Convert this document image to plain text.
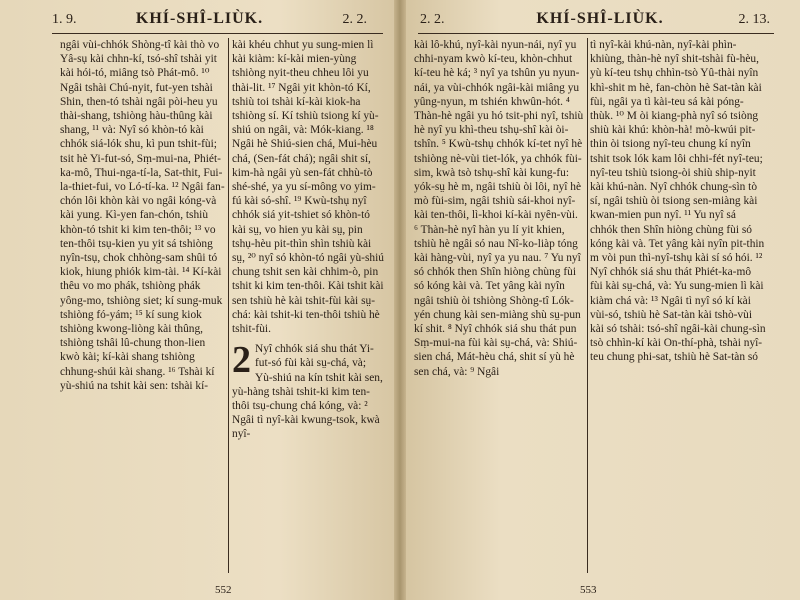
1. 9.	KHÍ-SHÎ-LIÙK.	2. 2.

ngâi vùi-chhók Shòng-tî kài thò vo Yâ-sụ kài chhn-kí, tsó-shî tshài yit kài hói-tó, miâng tsò Phát-mô. ¹⁰ Ngâi tshài Chú-nyit, fut-yen tshài Shin, then-tó tshài ngâi pòi-heu yu thài-shang, tshiòng hàu-thûng kài shang, ¹¹ và: Nyî só khòn-tó kài chhók siá-lók shu, kì pun tshit-fùi; tsit hè Yi-fut-só, Sṃ-mui-na, Phiét-ka-mô, Thui-nga-tí-la, Sat-thit, Fui-la-thiet-fui, vo Ló-tí-ka. ¹² Ngâi fan-chón lôi khòn kài vo ngâi kóng-và kài yung. Kì-yen fan-chón, tshiù khòn-tó tshit ki kim ten-thôi; ¹³ vo ten-thôi tsụ-kien yu yit sá tshiòng nyîn-tsụ, chok chhòng-sam shûi tó kiok, hiung phiók kim-tài. ¹⁴ Kí-kài thêu vo mo phák, tshiòng phák yông-mo, tshiòng siet; kí sung-muk tshiòng fó-yám; ¹⁵ kí sung kiok tshiòng kwong-liòng kài thûng, tshiòng tshâi lû-chung thon-lien kwò kài; kí-kài shang tshiòng chhung-shúi kài shang. ¹⁶ Tshài kí yù-shiú na tshit kài sen: tshài kí-

kài khéu chhut yu sung-mien lì kài kiàm: kí-kài mien-yùng tshiòng nyit-theu chheu lôi yu thài-lit. ¹⁷ Ngâi yit khòn-tó Kí, tshiù toi tshài kí-kài kiok-ha tshiòng sí. Kí tshiù tsiong kí yù-shiú on ngâi, và: Mók-kiang. ¹⁸ Ngâi hè Shiú-sien chá, Mui-hèu chá, (Sen-fát chá); ngâi shit sí, kim-hà ngâi yù sen-fát chhù-tò shé-shé, ya yu sí-mông vo yim-fú kài só-shî. ¹⁹ Kwù-tshụ nyî chhók siá yit-tshiet só khòn-tó kài sṳ, vo hien yu kài sṳ, pin tshụ-hèu pit-thìn shìn tshiù kài sṳ, ²⁰ nyî só khòn-tó ngâi yù-shiú chung tshit sen kài chhim-ò, pin tshit ki kim ten-thôi. Kài tshit kài sen tshiù hè kài tshit-fùi kài sṳ-chá: kài tshit-ki ten-thôi tshiù hè tshit-fùi.

2 Nyî chhók siá shu thát Yi-fut-só fùi kài sṳ-chá, và; Yù-shiú na kín tshit kài sen, yù-hàng tshài tshit-ki kim ten-thôi tsụ-chung chá kóng, và: ² Ngâi tì nyî-kài kwung-tsok, kwà nyî-

552
2. 2.	KHÍ-SHÎ-LIÙK.	2. 13.

kài lô-khú, nyî-kài nyun-nái, nyî yu chhi-nyam kwò kí-teu, khòn-chhut kí-teu hè ká; ³ nyî ya tshûn yu nyun-nái, ya vùi-chhók ngâi-kài miâng yu yûng-nyun, m tshién khwûn-hót. ⁴ Thàn-hè ngâi yu hó tsit-phi nyî, tshiù hè nyî yu khì-theu tshụ-shî kài òi-tshîn. ⁵ Kwù-tshụ chhók kí-tet nyî hè tshiòng nè-vùi tiet-lók, ya chhók fùi-sim, kwà tsò tshụ-shî kài kung-fu: yók-sṳ hè m, ngâi tshiù òi lôi, nyî hè mò fùi-sim, ngâi tshiù sái-khoi nyî-kài ten-thôi, lì-khoi kí-kài nyên-vùi. ⁶ Thàn-hè nyî hàn yu lí yit khien, tshiù hè ngâi só nau Nî-ko-liàp tóng kài hàng-vùi, nyî ya yu nau. ⁷ Yu nyî só chhók then Shîn hiòng chùng fùi só kóng kài và. Tet yâng kài nyîn ngâi tshiù òi tshiòng Shòng-tî Lók-yén chung kài sen-miàng shù sṳ-pun kí shit. ⁸ Nyî chhók siá shu thát pun Sṃ-mui-na fùi kài sṳ-chá, và: Shiú-sien chá, Mát-hèu chá, shit sí yù hè sen chá, và: ⁹ Ngâi

tì nyî-kài khú-nàn, nyî-kài phìn-khiùng, thàn-hè nyî shit-tshài fù-hèu, yù kí-teu tshụ chhìn-tsò Yû-thài nyîn khì-shit m hè, fan-chòn hè Sat-tàn kài fùi, ngâi ya tì kài-teu sá kài póng-thùk. ¹⁰ M òi kiang-phà nyî só tsiòng shiù kài khú: khòn-hà! mò-kwúi pit-thin òi tsiong nyî-teu chung kí nyîn tshit tsok lók kam lôi chhi-fét nyî-teu; nyî-teu tshiù tsiong-òi shiù ship-nyit kài khú-nàn. Nyî chhók chung-sìn tò sí, ngâi tshiù òi tsiong sen-miàng kài kwan-mien pun nyî. ¹¹ Yu nyî sá chhók then Shîn hiòng chùng fùi só kóng kài và. Tet yâng kài nyîn pit-thin m vòi pun thì-nyî-tshụ kài sí só hói. ¹² Nyî chhók siá shu thát Phiét-ka-mô fùi kài sṳ-chá, và: Yu sung-mien lì kài kiàm chá và: ¹³ Ngâi tì nyî só kí kài vùi-só, tshiù hè Sat-tàn kài tshò-vùi kài só tshài: tsó-shî ngâi-kài chung-sìn tsò chhìn-kí kài On-thí-phà, tshài nyî-teu chung phi-sat, tshiù hè Sat-tàn só

553
